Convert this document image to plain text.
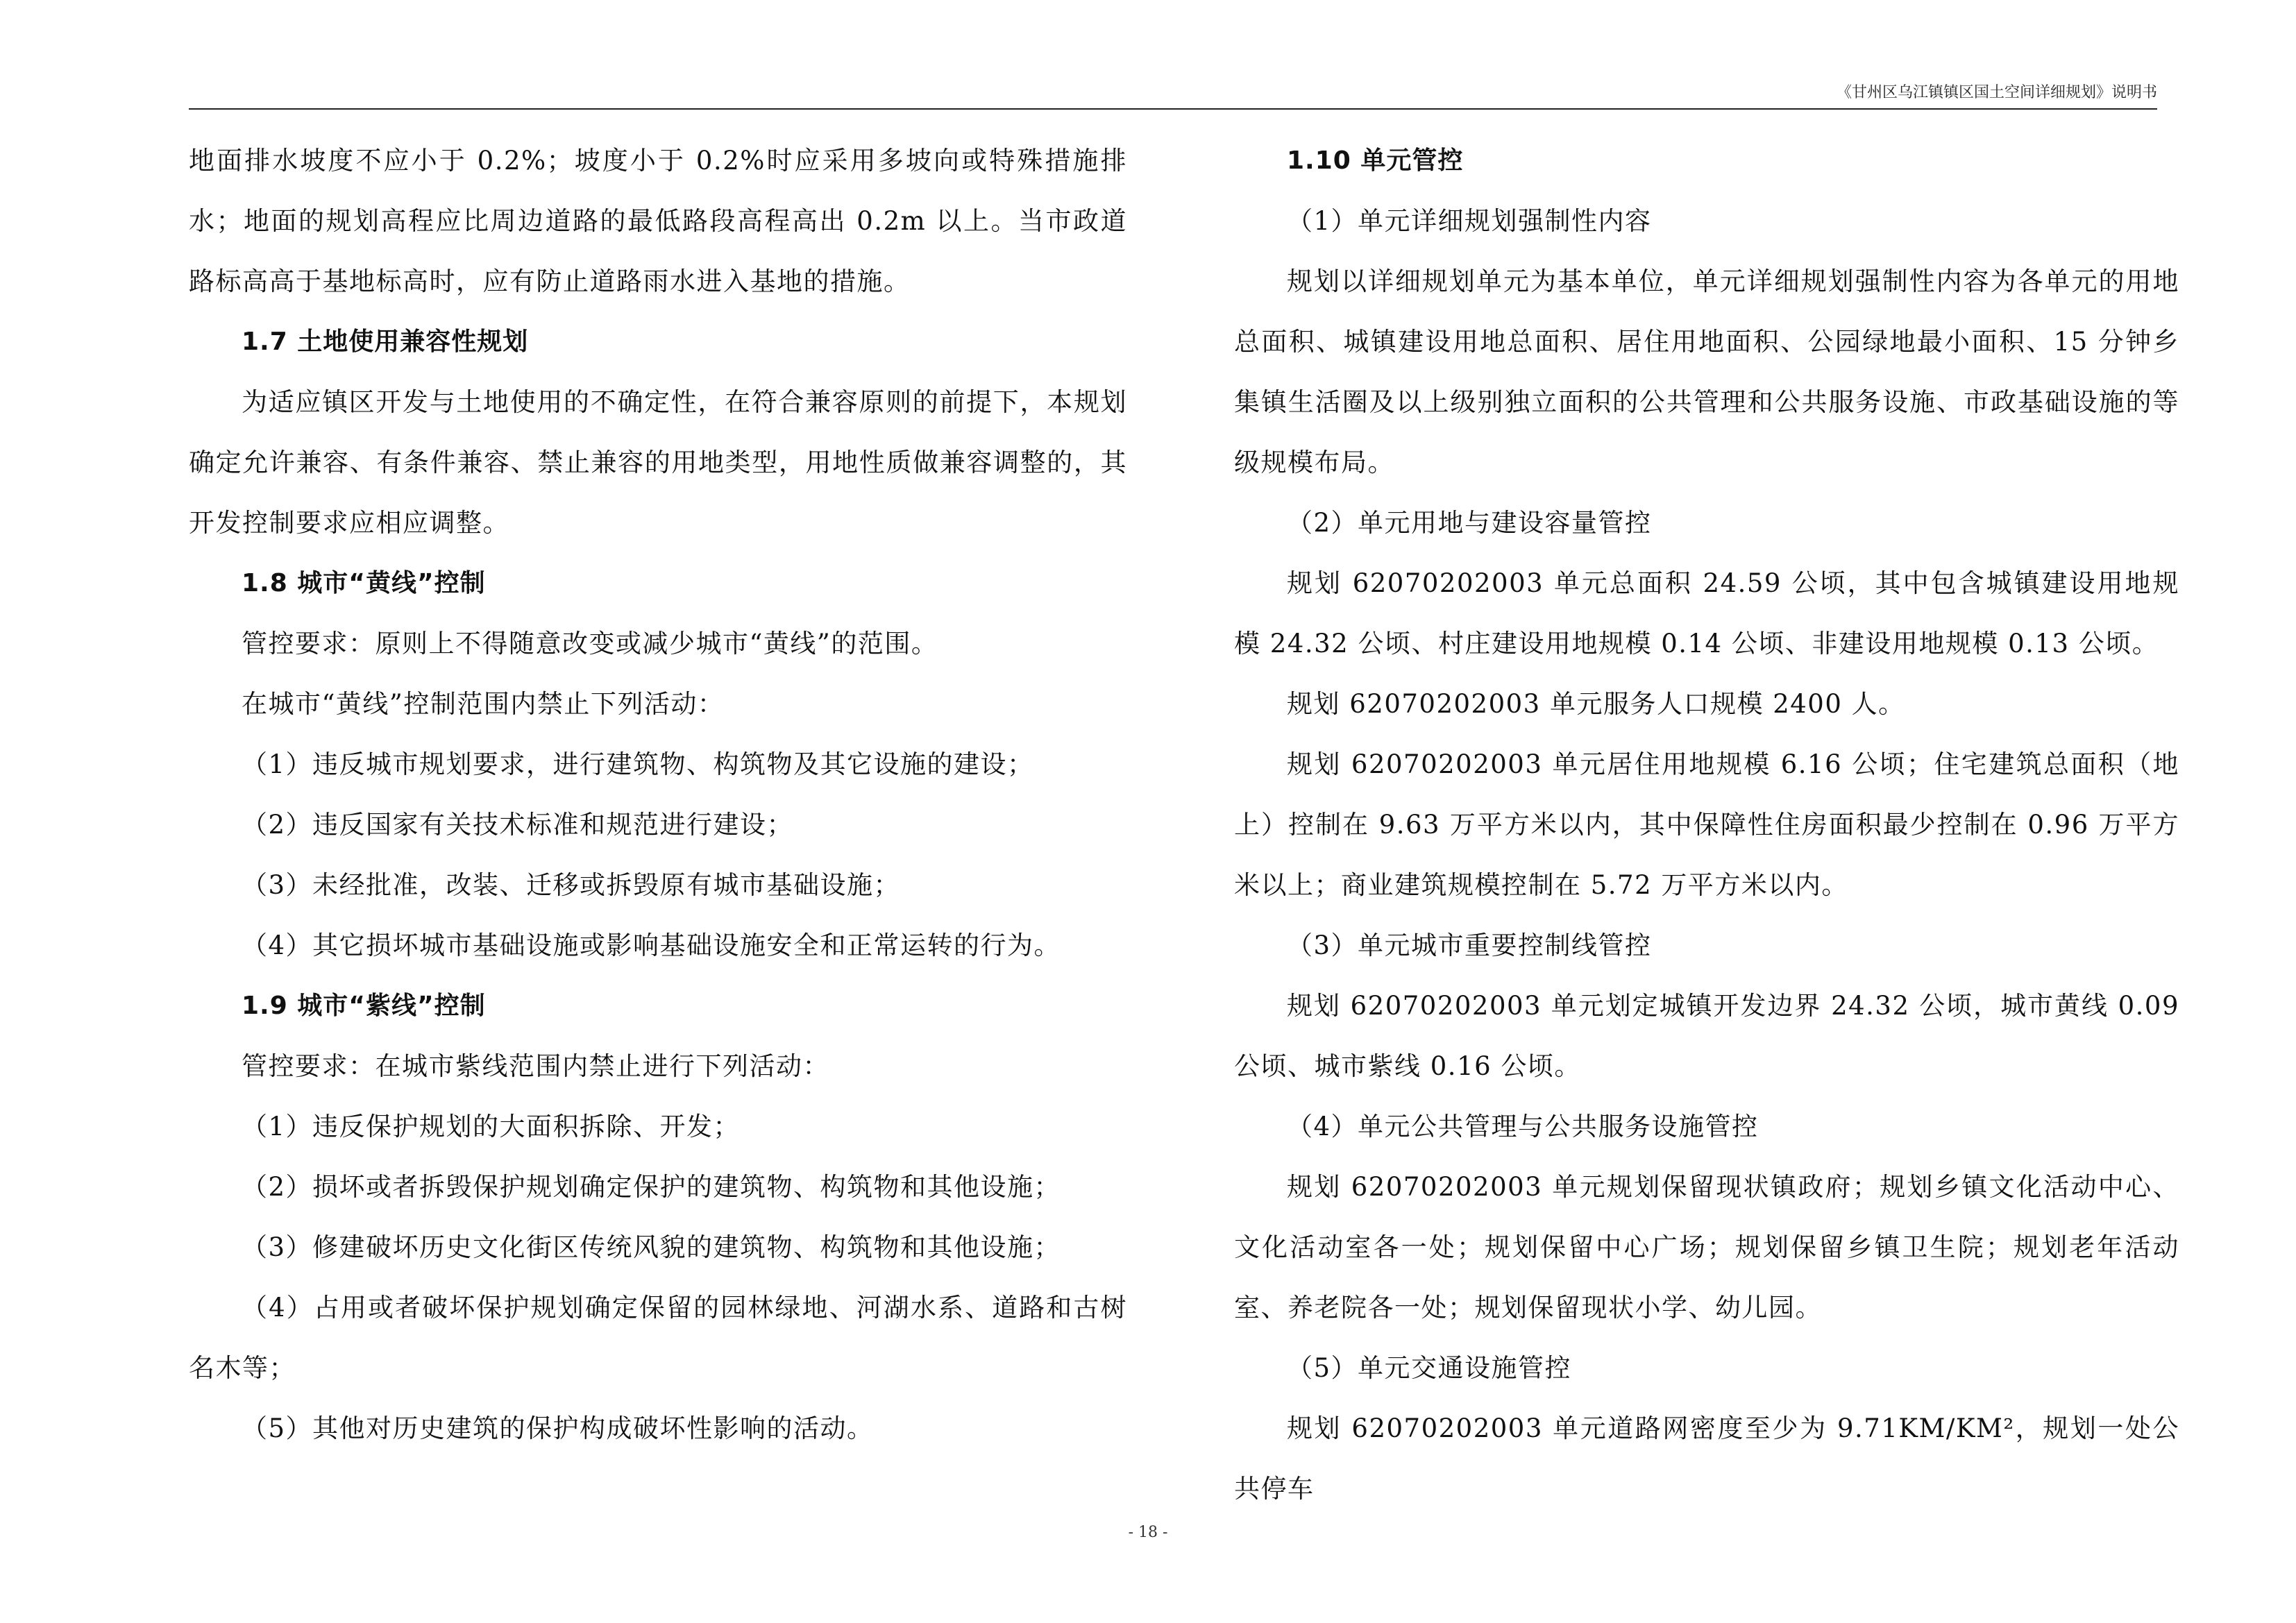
《甘州区乌江镇镇区国土空间详细规划》说明书

地面排水坡度不应小于 0.2%；坡度小于 0.2%时应采用多坡向或特殊措施排水；地面的规划高程应比周边道路的最低路段高程高出 0.2m 以上。当市政道路标高高于基地标高时，应有防止道路雨水进入基地的措施。

1.7 土地使用兼容性规划

为适应镇区开发与土地使用的不确定性，在符合兼容原则的前提下，本规划确定允许兼容、有条件兼容、禁止兼容的用地类型，用地性质做兼容调整的，其开发控制要求应相应调整。

1.8 城市“黄线”控制

管控要求：原则上不得随意改变或减少城市“黄线”的范围。

在城市“黄线”控制范围内禁止下列活动：

（1）违反城市规划要求，进行建筑物、构筑物及其它设施的建设；

（2）违反国家有关技术标准和规范进行建设；

（3）未经批准，改装、迁移或拆毁原有城市基础设施；

（4）其它损坏城市基础设施或影响基础设施安全和正常运转的行为。

1.9 城市“紫线”控制

管控要求：在城市紫线范围内禁止进行下列活动：

（1）违反保护规划的大面积拆除、开发；

（2）损坏或者拆毁保护规划确定保护的建筑物、构筑物和其他设施；

（3）修建破坏历史文化街区传统风貌的建筑物、构筑物和其他设施；

（4）占用或者破坏保护规划确定保留的园林绿地、河湖水系、道路和古树名木等；

（5）其他对历史建筑的保护构成破坏性影响的活动。

1.10 单元管控

（1）单元详细规划强制性内容

规划以详细规划单元为基本单位，单元详细规划强制性内容为各单元的用地总面积、城镇建设用地总面积、居住用地面积、公园绿地最小面积、15 分钟乡集镇生活圈及以上级别独立面积的公共管理和公共服务设施、市政基础设施的等级规模布局。

（2）单元用地与建设容量管控

规划 62070202003 单元总面积 24.59 公顷，其中包含城镇建设用地规模 24.32 公顷、村庄建设用地规模 0.14 公顷、非建设用地规模 0.13 公顷。

规划 62070202003 单元服务人口规模 2400 人。

规划 62070202003 单元居住用地规模 6.16 公顷；住宅建筑总面积（地上）控制在 9.63 万平方米以内，其中保障性住房面积最少控制在 0.96 万平方米以上；商业建筑规模控制在 5.72 万平方米以内。

（3）单元城市重要控制线管控

规划 62070202003 单元划定城镇开发边界 24.32 公顷，城市黄线 0.09 公顷、城市紫线 0.16 公顷。

（4）单元公共管理与公共服务设施管控

规划 62070202003 单元规划保留现状镇政府；规划乡镇文化活动中心、文化活动室各一处；规划保留中心广场；规划保留乡镇卫生院；规划老年活动室、养老院各一处；规划保留现状小学、幼儿园。

（5）单元交通设施管控

规划 62070202003 单元道路网密度至少为 9.71KM/KM²，规划一处公共停车

- 18 -
